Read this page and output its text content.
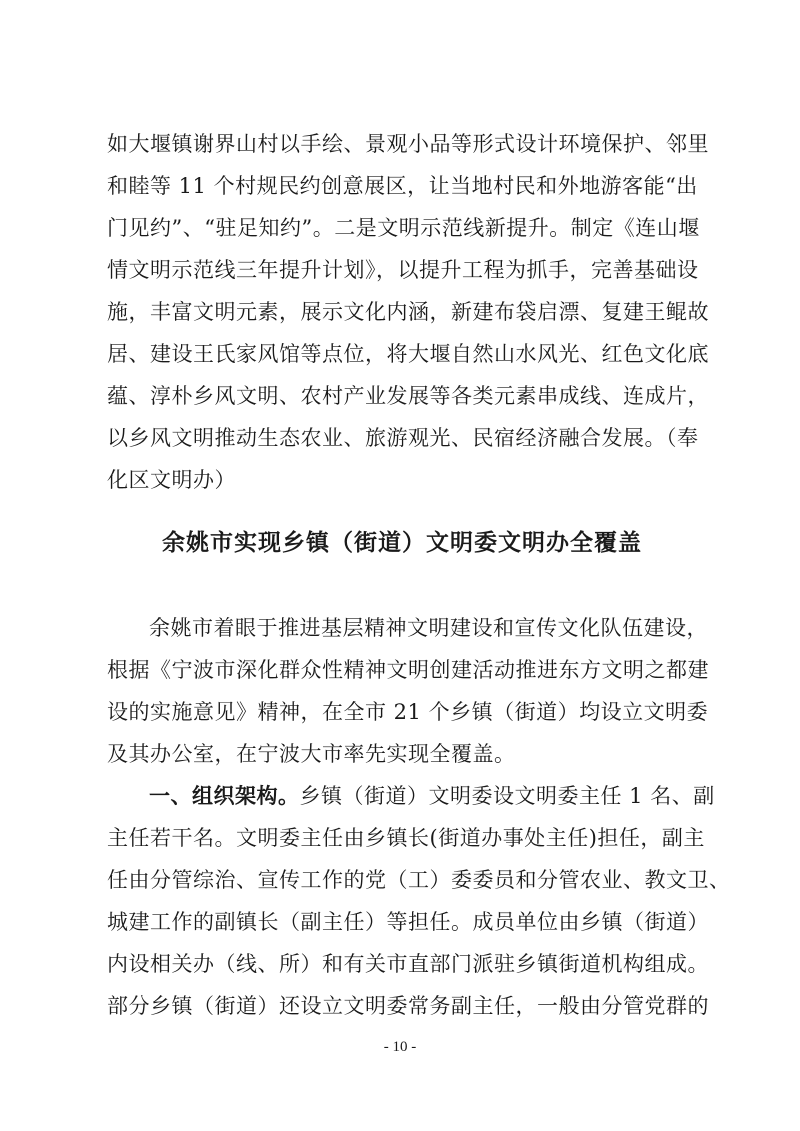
如大堰镇谢界山村以手绘、景观小品等形式设计环境保护、邻里
和睦等 11 个村规民约创意展区，让当地村民和外地游客能“出
门见约”、“驻足知约”。二是文明示范线新提升。制定《连山堰
情文明示范线三年提升计划》，以提升工程为抓手，完善基础设
施，丰富文明元素，展示文化内涵，新建布袋启漂、复建王鲲故
居、建设王氏家风馆等点位，将大堰自然山水风光、红色文化底
蕴、淳朴乡风文明、农村产业发展等各类元素串成线、连成片，
以乡风文明推动生态农业、旅游观光、民宿经济融合发展。（奉
化区文明办）
余姚市实现乡镇（街道）文明委文明办全覆盖
余姚市着眼于推进基层精神文明建设和宣传文化队伍建设，
根据《宁波市深化群众性精神文明创建活动推进东方文明之都建
设的实施意见》精神，在全市 21 个乡镇（街道）均设立文明委
及其办公室，在宁波大市率先实现全覆盖。
一、组织架构。乡镇（街道）文明委设文明委主任 1 名、副
主任若干名。文明委主任由乡镇长(街道办事处主任)担任，副主
任由分管综治、宣传工作的党（工）委委员和分管农业、教文卫、
城建工作的副镇长（副主任）等担任。成员单位由乡镇（街道）
内设相关办（线、所）和有关市直部门派驻乡镇街道机构组成。
部分乡镇（街道）还设立文明委常务副主任，一般由分管党群的
- 10 -
